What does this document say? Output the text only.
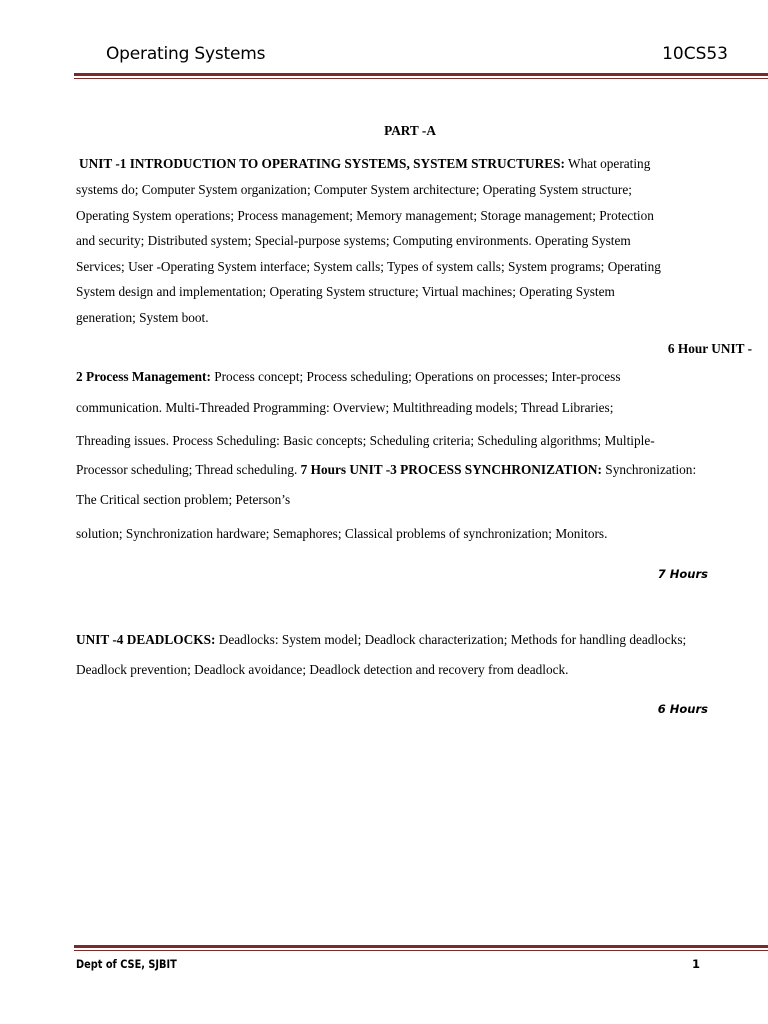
Operating Systems	10CS53
PART -A
UNIT -1 INTRODUCTION TO OPERATING SYSTEMS, SYSTEM STRUCTURES: What operating
systems do; Computer System organization; Computer System architecture; Operating System structure;
Operating System operations; Process management; Memory management; Storage management; Protection
and security; Distributed system; Special-purpose systems; Computing environments. Operating System
Services; User -Operating System interface; System calls; Types of system calls; System programs; Operating
System design and implementation; Operating System structure; Virtual machines; Operating System
generation; System boot.
6 Hour UNIT -
2 Process Management: Process concept; Process scheduling; Operations on processes; Inter-process
communication. Multi-Threaded Programming: Overview; Multithreading models; Thread Libraries;
Threading issues. Process Scheduling: Basic concepts; Scheduling criteria; Scheduling algorithms; Multiple-
Processor scheduling; Thread scheduling. 7 Hours UNIT -3 PROCESS SYNCHRONIZATION: Synchronization:
The Critical section problem; Peterson’s
solution; Synchronization hardware; Semaphores; Classical problems of synchronization; Monitors.
7 Hours
UNIT -4 DEADLOCKS: Deadlocks: System model; Deadlock characterization; Methods for handling deadlocks;
Deadlock prevention; Deadlock avoidance; Deadlock detection and recovery from deadlock.
6 Hours
Dept of CSE, SJBIT	1
